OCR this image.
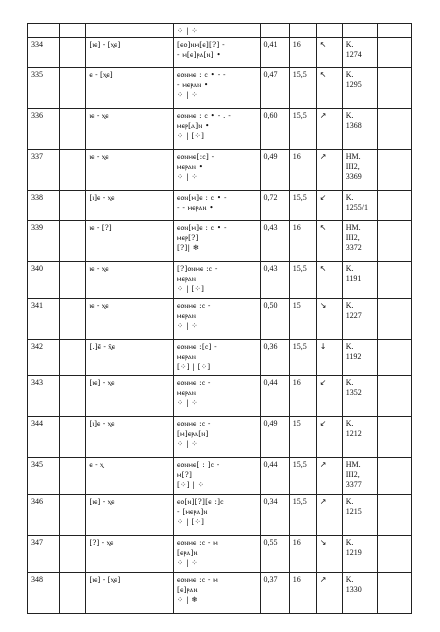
			⁘ | ⁘					

334		[ⲓⲉ] - [ⲭⲉ]	[ⲉⲟ]ⲛⲙ[ⲉ][?] -
- ⲙ[ⲉ]ⲣⲁ[ⲛ] •	0,41	16	↖	K.
1274	

335		ⲉ - [ⲭⲉ]	ⲉⲟⲛⲙⲉ : ⲥ • - -
- ⲙⲉⲣⲁⲛ •
⁘ | ⁘	0,47	15,5	↖	K.
1295	

336		ⲓⲉ - ⲭⲉ	ⲉⲟⲛⲙⲉ : ⲥ • - . -
ⲙⲉⲣ[ⲁ]ⲛ •
⁘ | [⁘]	0,60	15,5	↗	K.
1368	

337		ⲓⲉ - ⲭⲉ	ⲉⲟⲛⲙⲉ[:ⲥ] -
ⲙⲉⲣⲁⲛ •
⁘ | ⁘	0,49	16	↗	НМ.
III2,
3369	

338		[ⲓ]ⲉ - ⲭⲉ	ⲉⲟⲛ[ⲙ]ⲉ : ⲥ • -
- - ⲙⲉⲣⲁⲛ •	0,72	15,5	↙	K.
1255/1	

339		ⲓⲉ - [?]	ⲉⲟⲛ[ⲙ]ⲉ : ⲥ • -
ⲙⲉⲣ[?]
[?]| ❄	0,43	16	↖	НМ.
III2,
3372	

340		ⲓⲉ - ⲭⲉ	[?]ⲟⲛⲙⲉ :ⲥ -
ⲙⲉⲣⲁⲛ
⁘ | [⁘]	0,43	15,5	↖	K.
1191	

341		ⲓⲉ - ⲭⲉ	ⲉⲟⲛⲙⲉ :ⲥ -
ⲙⲉⲣⲁⲛ
⁘ | ⁘	0,50	15	↘	K.
1227	

342		[.]ⲉ̄ - ⲭ̄ⲉ	ⲉⲟⲛⲙⲉ :[ⲥ] -
ⲙⲉⲣⲁⲛ
[⁘] | [⁘]	0,36	15,5	↓	K.
1192	

343		[ⲓⲉ] - ⲭⲉ	ⲉⲟⲛⲙⲉ :ⲥ -
ⲙⲉⲣⲁⲛ
⁘ | ⁘	0,44	16	↙	K.
1352	

344		[ⲓ]ⲉ - ⲭⲉ	ⲉⲟⲛⲙⲉ :ⲥ -
[ⲙ]ⲉⲣⲁ[ⲛ]
⁘ | ⁘	0,49	15	↙	K.
1212	

345		ⲉ - ⲭ	ⲉⲟⲛⲙⲉ[ : ]ⲥ -
ⲙ[?]
[⁘] | ⁘	0,44	15,5	↗	НМ.
III2,
3377	

346		[ⲓⲉ] - ⲭⲉ	ⲉⲟ[ⲛ][?][ⲉ :]ⲥ
- [ⲙⲉⲣⲁ]ⲛ
⁘ | [⁘]	0,34	15,5	↗	K.
1215	

347		[?] - ⲭⲉ	ⲉⲟⲛⲙⲉ :ⲥ - ⲙ
[ⲉⲣⲁ]ⲛ
⁘ | ⁘	0,55	16	↘	K.
1219	

348		[ⲓⲉ] - [ⲭⲉ]	ⲉⲟⲛⲙⲉ :ⲥ - ⲙ
[ⲉ]ⲣⲁⲛ
⁘ | ❄	0,37	16	↗	K.
1330	
